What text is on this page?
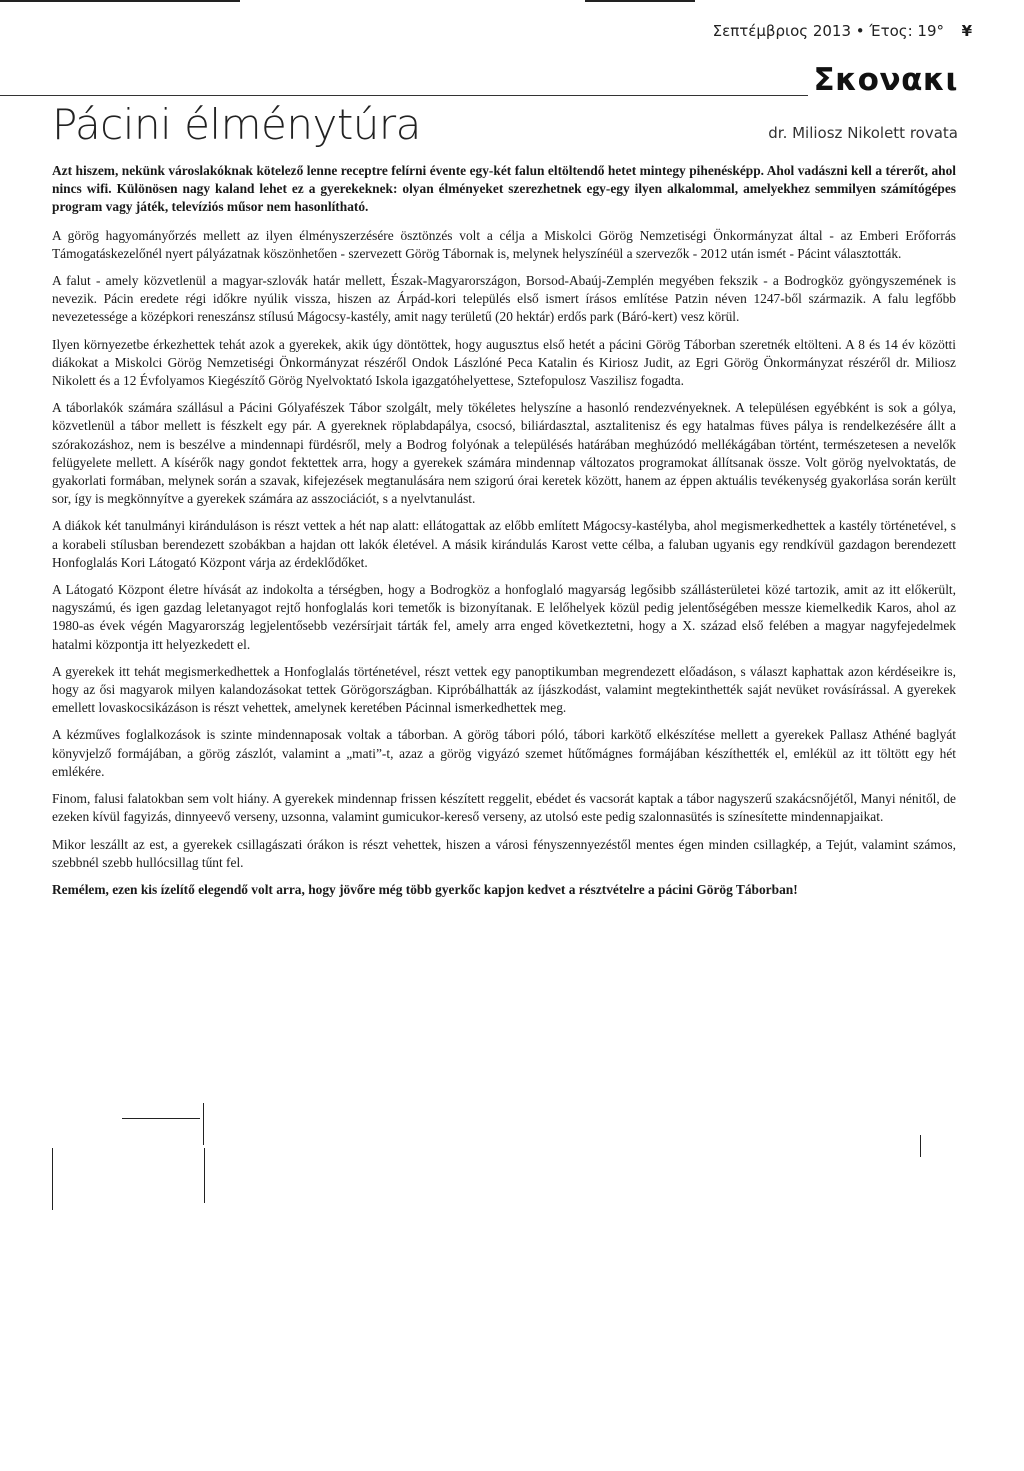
Σεπτέμβριος 2013 • Έτος: 19° ¥
Σκονακι
Pácini élménytúra	dr. Miliosz Nikolett rovata

Azt hiszem, nekünk városlakóknak kötelező lenne receptre felírni évente egy-két falun eltöltendő hetet mintegy pihenésképp. Ahol vadászni kell a térerőt, ahol nincs wifi. Különösen nagy kaland lehet ez a gyerekeknek: olyan élményeket szerezhetnek egy-egy ilyen alkalommal, amelyekhez semmilyen számítógépes program vagy játék, televíziós műsor nem hasonlítható.

A görög hagyományőrzés mellett az ilyen élményszerzésére ösztönzés volt a célja a Miskolci Görög Nemzetiségi Önkormányzat által - az Emberi Erőforrás Támogatáskezelőnél nyert pályázatnak köszönhetően - szervezett Görög Tábornak is, melynek helyszínéül a szervezők - 2012 után ismét - Pácint választották.

A falut - amely közvetlenül a magyar-szlovák határ mellett, Észak-Magyarországon, Borsod-Abaúj-Zemplén megyében fekszik - a Bodrogköz gyöngyszemének is nevezik. Pácin eredete régi időkre nyúlik vissza, hiszen az Árpád-kori település első ismert írásos említése Patzin néven 1247-ből származik. A falu legfőbb nevezetessége a középkori reneszánsz stílusú Mágocsy-kastély, amit nagy területű (20 hektár) erdős park (Báró-kert) vesz körül.

Ilyen környezetbe érkezhettek tehát azok a gyerekek, akik úgy döntöttek, hogy augusztus első hetét a pácini Görög Táborban szeretnék eltölteni. A 8 és 14 év közötti diákokat a Miskolci Görög Nemzetiségi Önkormányzat részéről Ondok Lászlóné Peca Katalin és Kiriosz Judit, az Egri Görög Önkormányzat részéről dr. Miliosz Nikolett és a 12 Évfolyamos Kiegészítő Görög Nyelvoktató Iskola igazgatóhelyettese, Sztefopulosz Vaszilisz fogadta.

A táborlakók számára szállásul a Pácini Gólyafészek Tábor szolgált, mely tökéletes helyszíne a hasonló rendezvényeknek. A településen egyébként is sok a gólya, közvetlenül a tábor mellett is fészkelt egy pár. A gyereknek röplabdapálya, csocsó, biliárdasztal, asztalitenisz és egy hatalmas füves pálya is rendelkezésére állt a szórakozáshoz, nem is beszélve a mindennapi fürdésről, mely a Bodrog folyónak a településés határában meghúzódó mellékágában történt, természetesen a nevelők felügyelete mellett. A kísérők nagy gondot fektettek arra, hogy a gyerekek számára mindennap változatos programokat állítsanak össze. Volt görög nyelvoktatás, de gyakorlati formában, melynek során a szavak, kifejezések megtanulására nem szigorú órai keretek között, hanem az éppen aktuális tevékenység gyakorlása során került sor, így is megkönnyítve a gyerekek számára az asszociációt, s a nyelvtanulást.

A diákok két tanulmányi kiránduláson is részt vettek a hét nap alatt: ellátogattak az előbb említett Mágocsy-kastélyba, ahol megismerkedhettek a kastély történetével, s a korabeli stílusban berendezett szobákban a hajdan ott lakók életével. A másik kirándulás Karost vette célba, a faluban ugyanis egy rendkívül gazdagon berendezett Honfoglalás Kori Látogató Központ várja az érdeklődőket.

A Látogató Központ életre hívását az indokolta a térségben, hogy a Bodrogköz a honfoglaló magyarság legősibb szállásterületei közé tartozik, amit az itt előkerült, nagyszámú, és igen gazdag leletanyagot rejtő honfoglalás kori temetők is bizonyítanak. E lelőhelyek közül pedig jelentőségében messze kiemelkedik Karos, ahol az 1980-as évek végén Magyarország legjelentősebb vezérsírjait tárták fel, amely arra enged következtetni, hogy a X. század első felében a magyar nagyfejedelmek hatalmi központja itt helyezkedett el.

A gyerekek itt tehát megismerkedhettek a Honfoglalás történetével, részt vettek egy panoptikumban megrendezett előadáson, s választ kaphattak azon kérdéseikre is, hogy az ősi magyarok milyen kalandozásokat tettek Görögországban. Kipróbálhatták az íjászkodást, valamint megtekinthették saját nevüket rovásírással. A gyerekek emellett lovaskocsikázáson is részt vehettek, amelynek keretében Pácinnal ismerkedhettek meg.

A kézműves foglalkozások is szinte mindennaposak voltak a táborban. A görög tábori póló, tábori karkötő elkészítése mellett a gyerekek Pallasz Athéné baglyát könyvjelző formájában, a görög zászlót, valamint a „mati”-t, azaz a görög vigyázó szemet hűtőmágnes formájában készíthették el, emlékül az itt töltött egy hét emlékére.

Finom, falusi falatokban sem volt hiány. A gyerekek mindennap frissen készített reggelit, ebédet és vacsorát kaptak a tábor nagyszerű szakácsnőjétől, Manyi nénitől, de ezeken kívül fagyizás, dinnyeevő verseny, uzsonna, valamint gumicukor-kereső verseny, az utolsó este pedig szalonnasütés is színesítette mindennapjaikat.

Mikor leszállt az est, a gyerekek csillagászati órákon is részt vehettek, hiszen a városi fényszennyezéstől mentes égen minden csillagkép, a Tejút, valamint számos, szebbnél szebb hullócsillag tűnt fel.

Remélem, ezen kis ízelítő elegendő volt arra, hogy jövőre még több gyerkőc kapjon kedvet a résztvételre a pácini Görög Táborban!
